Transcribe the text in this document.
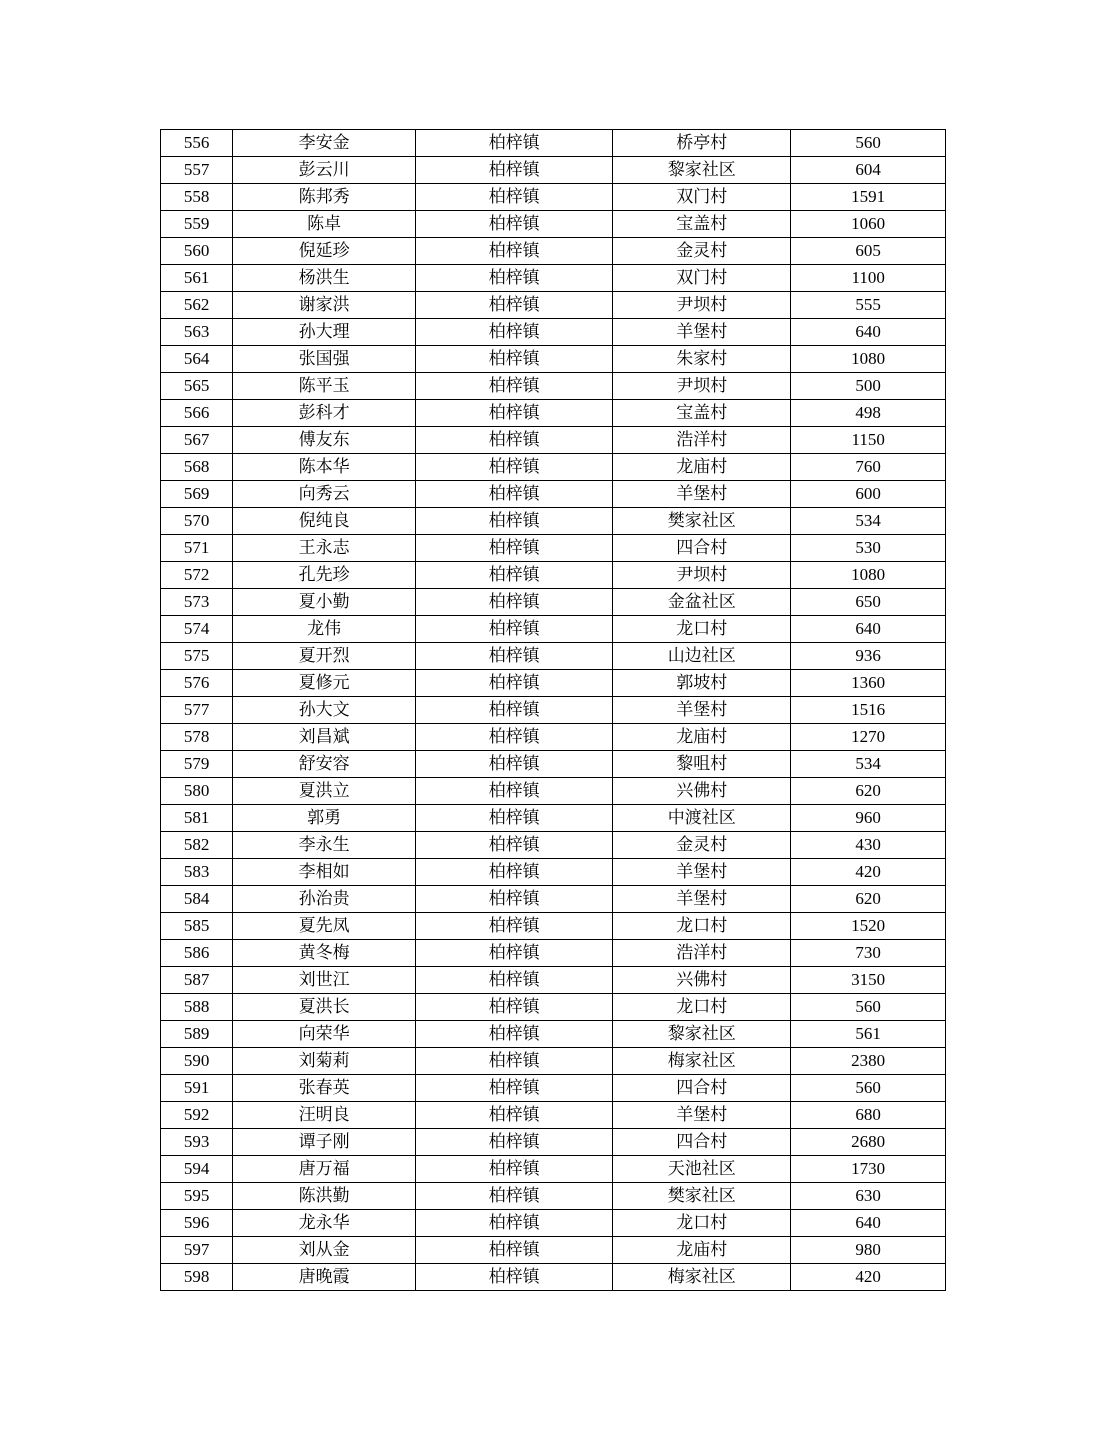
556	李安金	柏梓镇	桥亭村	560
557	彭云川	柏梓镇	黎家社区	604
558	陈邦秀	柏梓镇	双门村	1591
559	陈卓	柏梓镇	宝盖村	1060
560	倪延珍	柏梓镇	金灵村	605
561	杨洪生	柏梓镇	双门村	1100
562	谢家洪	柏梓镇	尹坝村	555
563	孙大理	柏梓镇	羊堡村	640
564	张国强	柏梓镇	朱家村	1080
565	陈平玉	柏梓镇	尹坝村	500
566	彭科才	柏梓镇	宝盖村	498
567	傅友东	柏梓镇	浩洋村	1150
568	陈本华	柏梓镇	龙庙村	760
569	向秀云	柏梓镇	羊堡村	600
570	倪纯良	柏梓镇	樊家社区	534
571	王永志	柏梓镇	四合村	530
572	孔先珍	柏梓镇	尹坝村	1080
573	夏小勤	柏梓镇	金盆社区	650
574	龙伟	柏梓镇	龙口村	640
575	夏开烈	柏梓镇	山边社区	936
576	夏修元	柏梓镇	郭坡村	1360
577	孙大文	柏梓镇	羊堡村	1516
578	刘昌斌	柏梓镇	龙庙村	1270
579	舒安容	柏梓镇	黎咀村	534
580	夏洪立	柏梓镇	兴佛村	620
581	郭勇	柏梓镇	中渡社区	960
582	李永生	柏梓镇	金灵村	430
583	李相如	柏梓镇	羊堡村	420
584	孙治贵	柏梓镇	羊堡村	620
585	夏先凤	柏梓镇	龙口村	1520
586	黄冬梅	柏梓镇	浩洋村	730
587	刘世江	柏梓镇	兴佛村	3150
588	夏洪长	柏梓镇	龙口村	560
589	向荣华	柏梓镇	黎家社区	561
590	刘菊莉	柏梓镇	梅家社区	2380
591	张春英	柏梓镇	四合村	560
592	汪明良	柏梓镇	羊堡村	680
593	谭子刚	柏梓镇	四合村	2680
594	唐万福	柏梓镇	天池社区	1730
595	陈洪勤	柏梓镇	樊家社区	630
596	龙永华	柏梓镇	龙口村	640
597	刘从金	柏梓镇	龙庙村	980
598	唐晚霞	柏梓镇	梅家社区	420
